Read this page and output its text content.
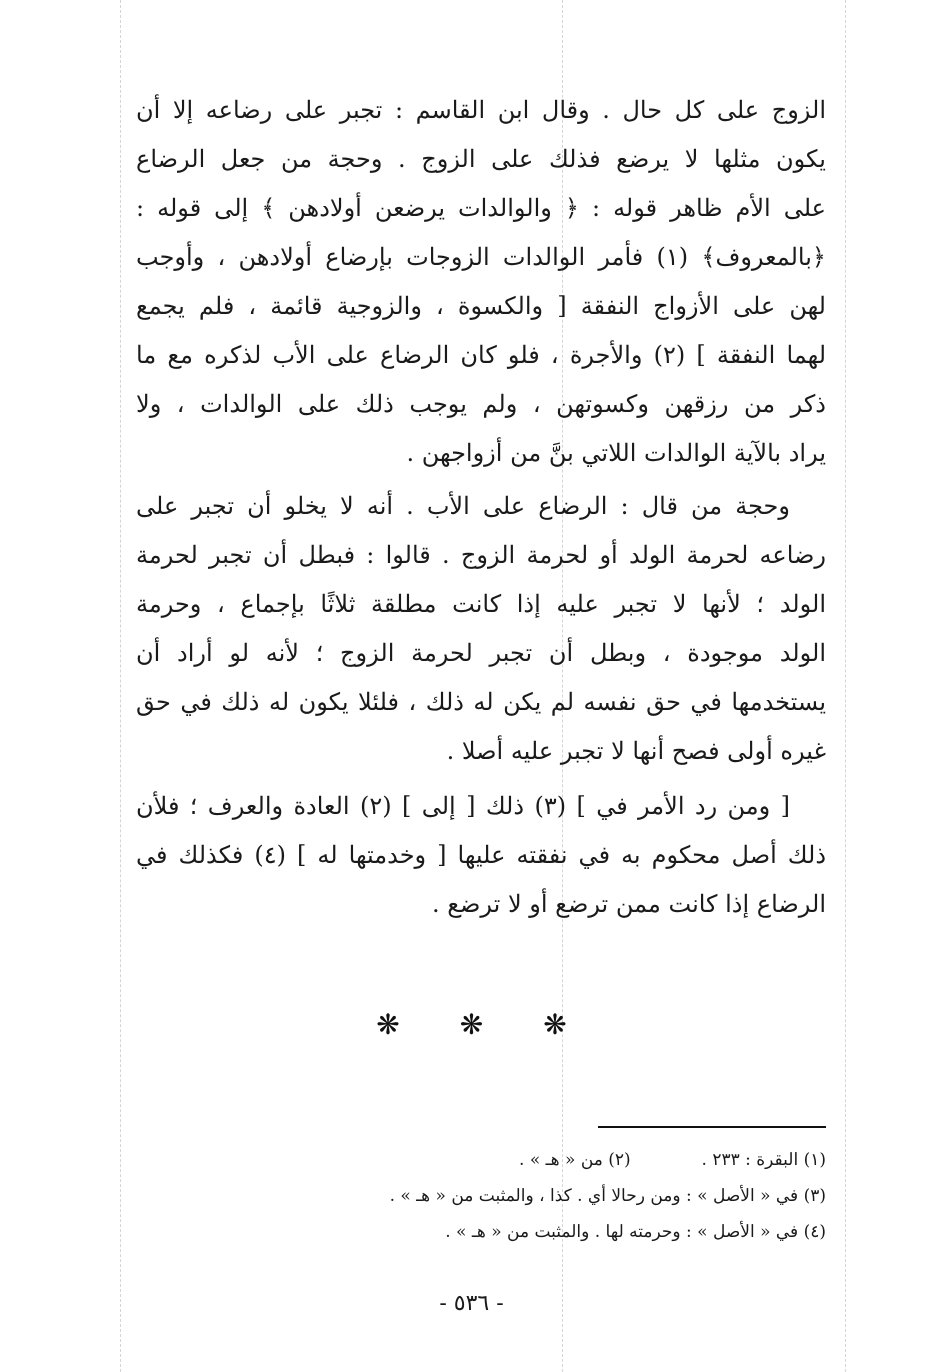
الزوج على كل حال . وقال ابن القاسم : تجبر على رضاعه إلا أن
يكون مثلها لا يرضع فذلك على الزوج . وحجة من جعل الرضاع
على الأم ظاهر قوله : ﴿ والوالدات يرضعن أولادهن ﴾ إلى قوله :
﴿بالمعروف﴾ (١) فأمر الوالدات الزوجات بإرضاع أولادهن ، وأوجب
لهن على الأزواج النفقة [ والكسوة ، والزوجية قائمة ، فلم يجمع
لهما النفقة ] (٢) والأجرة ، فلو كان الرضاع على الأب لذكره مع ما
ذكر من رزقهن وكسوتهن ، ولم يوجب ذلك على الوالدات ، ولا
يراد بالآية الوالدات اللاتي بنَّ من أزواجهن .
وحجة من قال : الرضاع على الأب . أنه لا يخلو أن تجبر على
رضاعه لحرمة الولد أو لحرمة الزوج . قالوا : فبطل أن تجبر لحرمة
الولد ؛ لأنها لا تجبر عليه إذا كانت مطلقة ثلاثًا بإجماع ، وحرمة
الولد موجودة ، وبطل أن تجبر لحرمة الزوج ؛ لأنه لو أراد أن
يستخدمها في حق نفسه لم يكن له ذلك ، فلئلا يكون له ذلك في حق
غيره أولى فصح أنها لا تجبر عليه أصلا .
[ ومن رد الأمر في ] (٣) ذلك [ إلى ] (٢) العادة والعرف ؛ فلأن
ذلك أصل محكوم به في نفقته عليها [ وخدمتها له ] (٤) فكذلك في
الرضاع إذا كانت ممن ترضع أو لا ترضع .
❋
❋
❋
(١) البقرة : ٢٣٣ .  (٢) من « هـ » .
(٣) في « الأصل » : ومن رحالا أي . كذا ، والمثبت من « هـ » .
(٤) في « الأصل » : وحرمته لها . والمثبت من « هـ » .
- ٥٣٦ -
